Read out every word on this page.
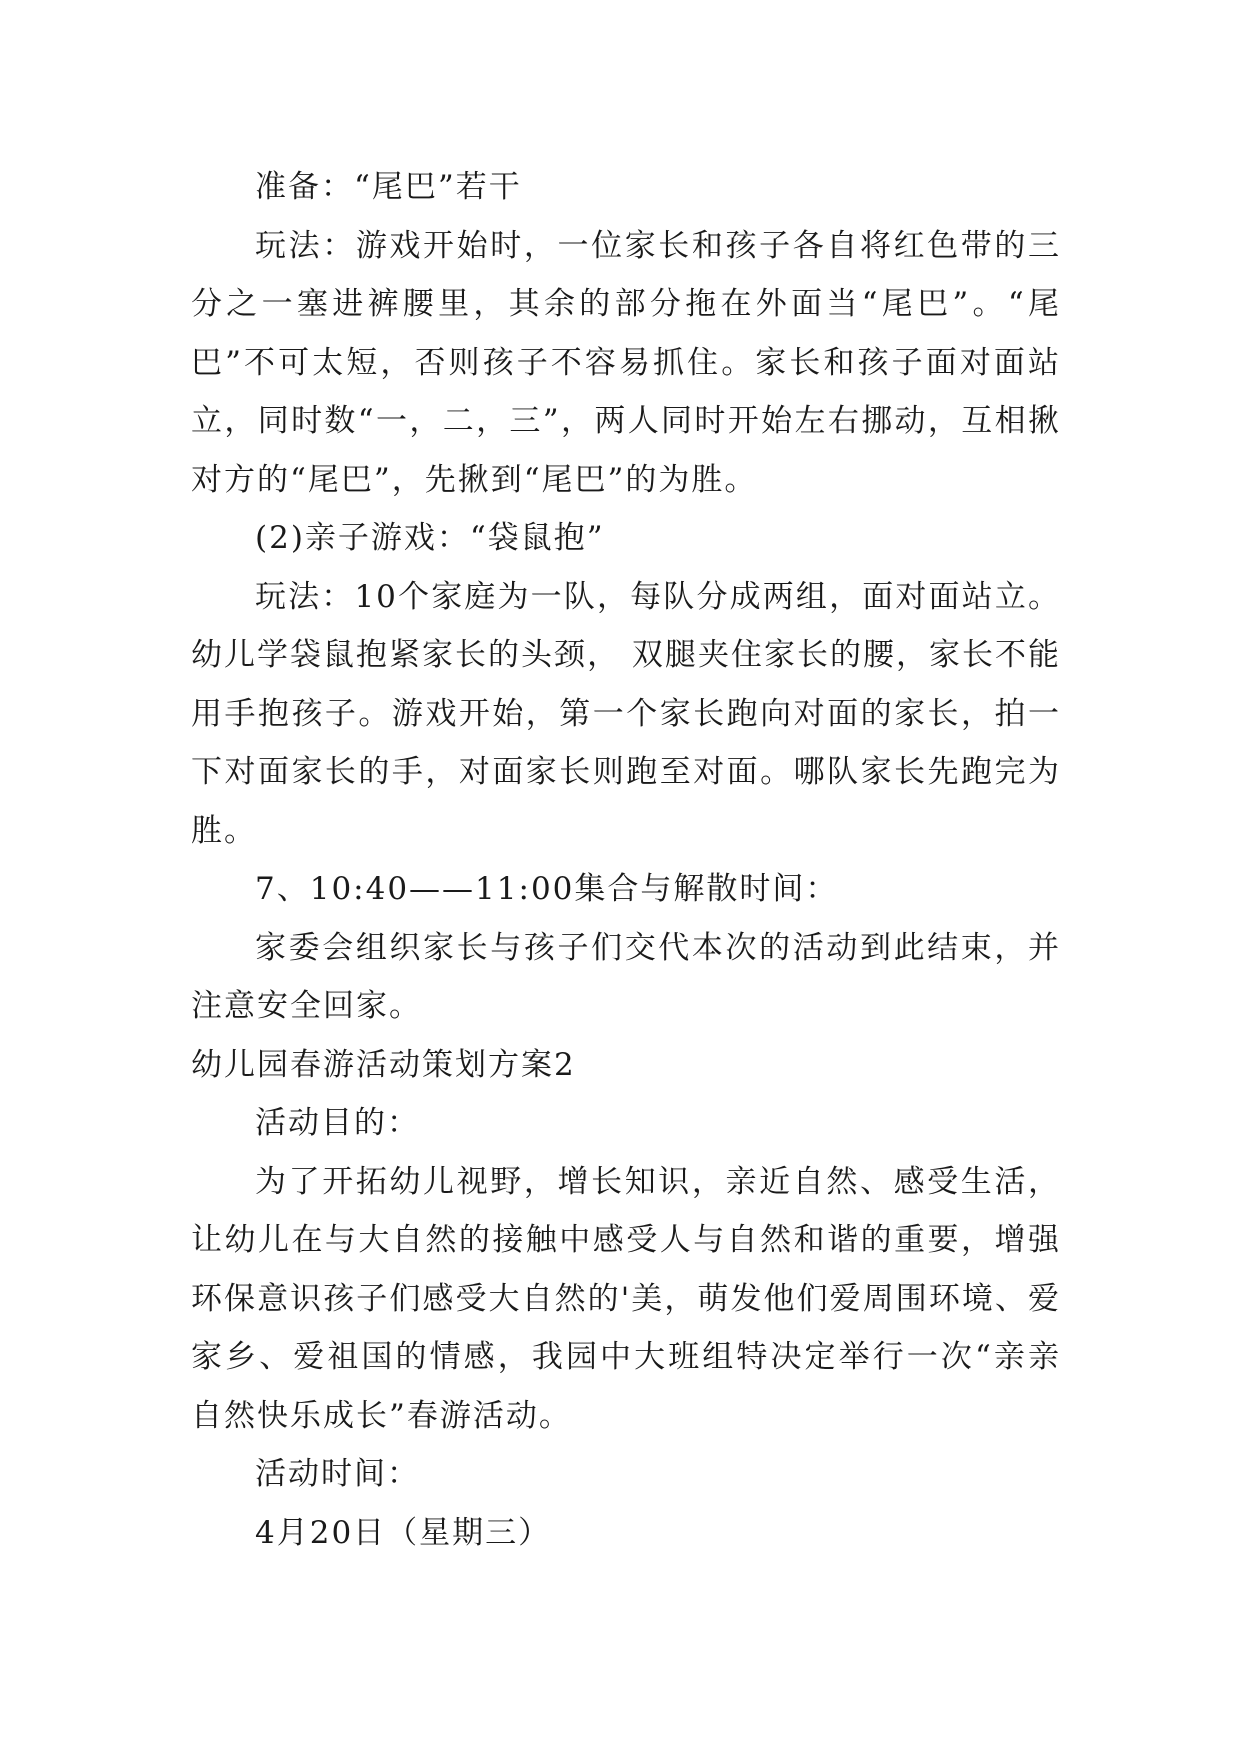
准备：“尾巴”若干

玩法：游戏开始时，一位家长和孩子各自将红色带的三分之一塞进裤腰里，其余的部分拖在外面当“尾巴”。“尾巴”不可太短，否则孩子不容易抓住。家长和孩子面对面站立，同时数“一，二，三”，两人同时开始左右挪动，互相揪对方的“尾巴”，先揪到“尾巴”的为胜。

(2)亲子游戏：“袋鼠抱”

玩法：10个家庭为一队，每队分成两组，面对面站立。幼儿学袋鼠抱紧家长的头颈， 双腿夹住家长的腰，家长不能用手抱孩子。游戏开始，第一个家长跑向对面的家长，拍一下对面家长的手，对面家长则跑至对面。哪队家长先跑完为胜。

7、10:40——11:00集合与解散时间：

家委会组织家长与孩子们交代本次的活动到此结束，并注意安全回家。

幼儿园春游活动策划方案2

活动目的：

为了开拓幼儿视野，增长知识，亲近自然、感受生活，让幼儿在与大自然的接触中感受人与自然和谐的重要，增强环保意识孩子们感受大自然的'美，萌发他们爱周围环境、爱家乡、爱祖国的情感，我园中大班组特决定举行一次“亲亲自然快乐成长”春游活动。

活动时间：

4月20日（星期三）
